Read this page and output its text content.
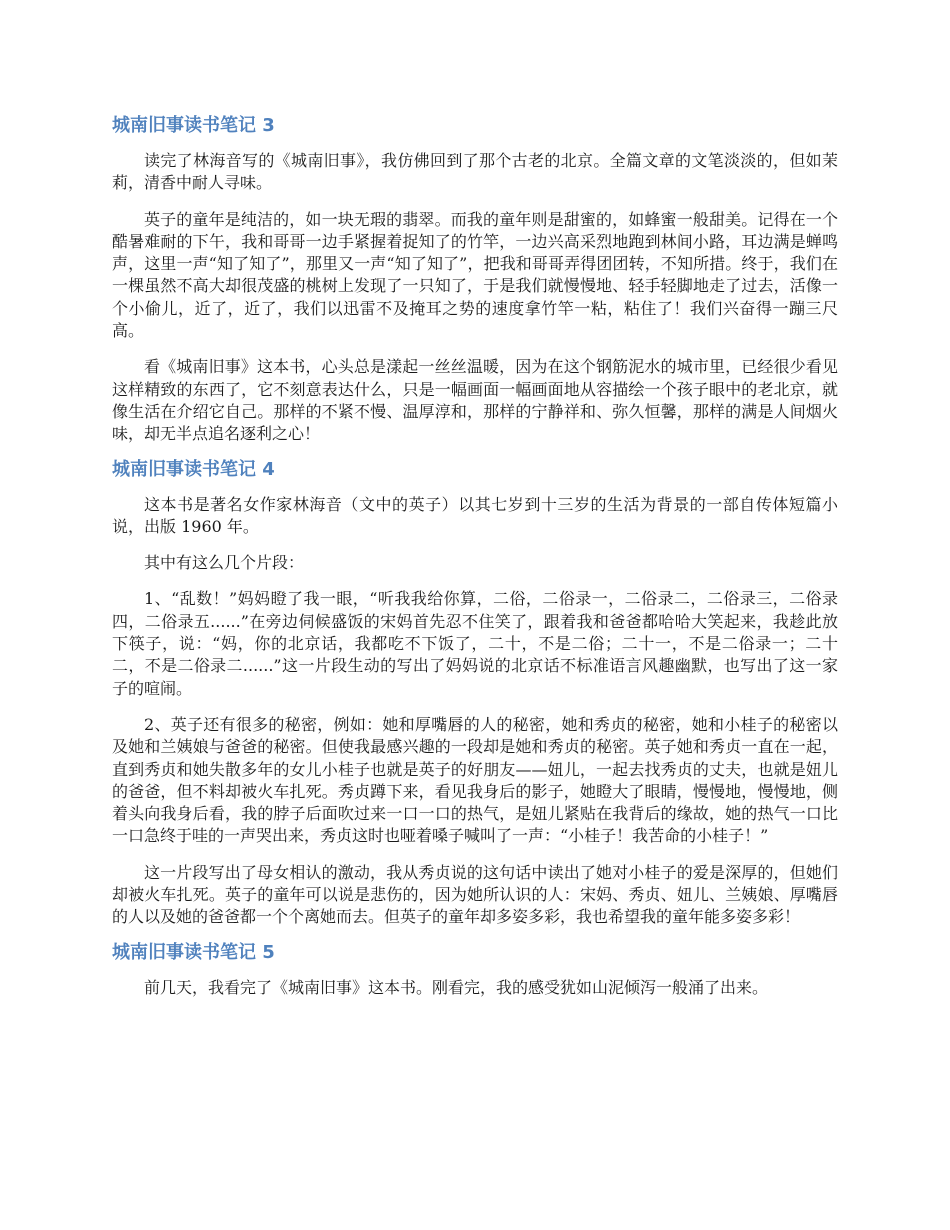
城南旧事读书笔记 3

读完了林海音写的《城南旧事》，我仿佛回到了那个古老的北京。全篇文章的文笔淡淡的，但如茉莉，清香中耐人寻味。

英子的童年是纯洁的，如一块无瑕的翡翠。而我的童年则是甜蜜的，如蜂蜜一般甜美。记得在一个酷暑难耐的下午，我和哥哥一边手紧握着捉知了的竹竿，一边兴高采烈地跑到林间小路，耳边满是蝉鸣声，这里一声“知了知了”，那里又一声“知了知了”，把我和哥哥弄得团团转，不知所措。终于，我们在一棵虽然不高大却很茂盛的桃树上发现了一只知了，于是我们就慢慢地、轻手轻脚地走了过去，活像一个小偷儿，近了，近了，我们以迅雷不及掩耳之势的速度拿竹竿一粘，粘住了！我们兴奋得一蹦三尺高。

看《城南旧事》这本书，心头总是漾起一丝丝温暖，因为在这个钢筋泥水的城市里，已经很少看见这样精致的东西了，它不刻意表达什么，只是一幅画面一幅画面地从容描绘一个孩子眼中的老北京，就像生活在介绍它自己。那样的不紧不慢、温厚淳和，那样的宁静祥和、弥久恒馨，那样的满是人间烟火味，却无半点追名逐利之心！

城南旧事读书笔记 4

这本书是著名女作家林海音（文中的英子）以其七岁到十三岁的生活为背景的一部自传体短篇小说，出版 1960 年。

其中有这么几个片段：

1、“乱数！”妈妈瞪了我一眼，“听我我给你算，二俗，二俗录一，二俗录二，二俗录三，二俗录四，二俗录五......”在旁边伺候盛饭的宋妈首先忍不住笑了，跟着我和爸爸都哈哈大笑起来，我趁此放下筷子，说：“妈，你的北京话，我都吃不下饭了，二十，不是二俗；二十一，不是二俗录一；二十二，不是二俗录二......”这一片段生动的写出了妈妈说的北京话不标准语言风趣幽默，也写出了这一家子的喧闹。

2、英子还有很多的秘密，例如：她和厚嘴唇的人的秘密，她和秀贞的秘密，她和小桂子的秘密以及她和兰姨娘与爸爸的秘密。但使我最感兴趣的一段却是她和秀贞的秘密。英子她和秀贞一直在一起，直到秀贞和她失散多年的女儿小桂子也就是英子的好朋友——妞儿，一起去找秀贞的丈夫，也就是妞儿的爸爸，但不料却被火车扎死。秀贞蹲下来，看见我身后的影子，她瞪大了眼睛，慢慢地，慢慢地，侧着头向我身后看，我的脖子后面吹过来一口一口的热气，是妞儿紧贴在我背后的缘故，她的热气一口比一口急终于哇的一声哭出来，秀贞这时也哑着嗓子喊叫了一声：“小桂子！我苦命的小桂子！”

这一片段写出了母女相认的激动，我从秀贞说的这句话中读出了她对小桂子的爱是深厚的，但她们却被火车扎死。英子的童年可以说是悲伤的，因为她所认识的人：宋妈、秀贞、妞儿、兰姨娘、厚嘴唇的人以及她的爸爸都一个个离她而去。但英子的童年却多姿多彩，我也希望我的童年能多姿多彩！

城南旧事读书笔记 5

前几天，我看完了《城南旧事》这本书。刚看完，我的感受犹如山泥倾泻一般涌了出来。
